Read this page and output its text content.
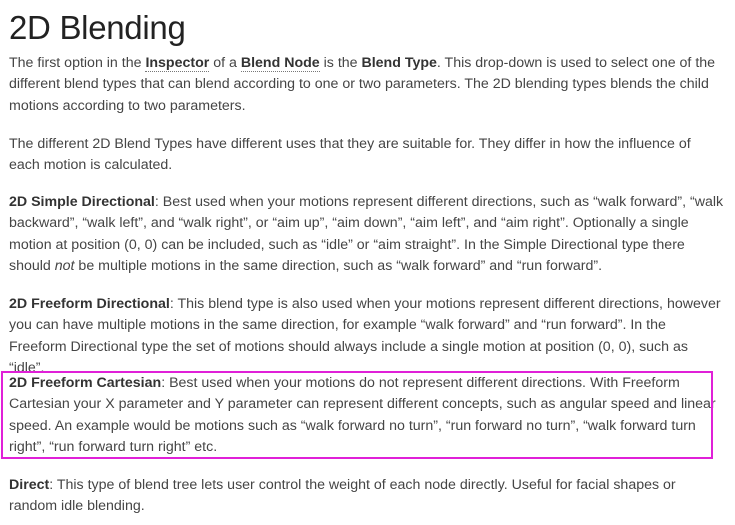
2D Blending

The first option in the Inspector of a Blend Node is the Blend Type. This drop-down is used to select one of the different blend types that can blend according to one or two parameters. The 2D blending types blends the child motions according to two parameters.

The different 2D Blend Types have different uses that they are suitable for. They differ in how the influence of each motion is calculated.

2D Simple Directional: Best used when your motions represent different directions, such as “walk forward”, “walk backward”, “walk left”, and “walk right”, or “aim up”, “aim down”, “aim left”, and “aim right”. Optionally a single motion at position (0, 0) can be included, such as “idle” or “aim straight”. In the Simple Directional type there should not be multiple motions in the same direction, such as “walk forward” and “run forward”.

2D Freeform Directional: This blend type is also used when your motions represent different directions, however you can have multiple motions in the same direction, for example “walk forward” and “run forward”. In the Freeform Directional type the set of motions should always include a single motion at position (0, 0), such as “idle”.

2D Freeform Cartesian: Best used when your motions do not represent different directions. With Freeform Cartesian your X parameter and Y parameter can represent different concepts, such as angular speed and linear speed. An example would be motions such as “walk forward no turn”, “run forward no turn”, “walk forward turn right”, “run forward turn right” etc.

Direct: This type of blend tree lets user control the weight of each node directly. Useful for facial shapes or random idle blending.
